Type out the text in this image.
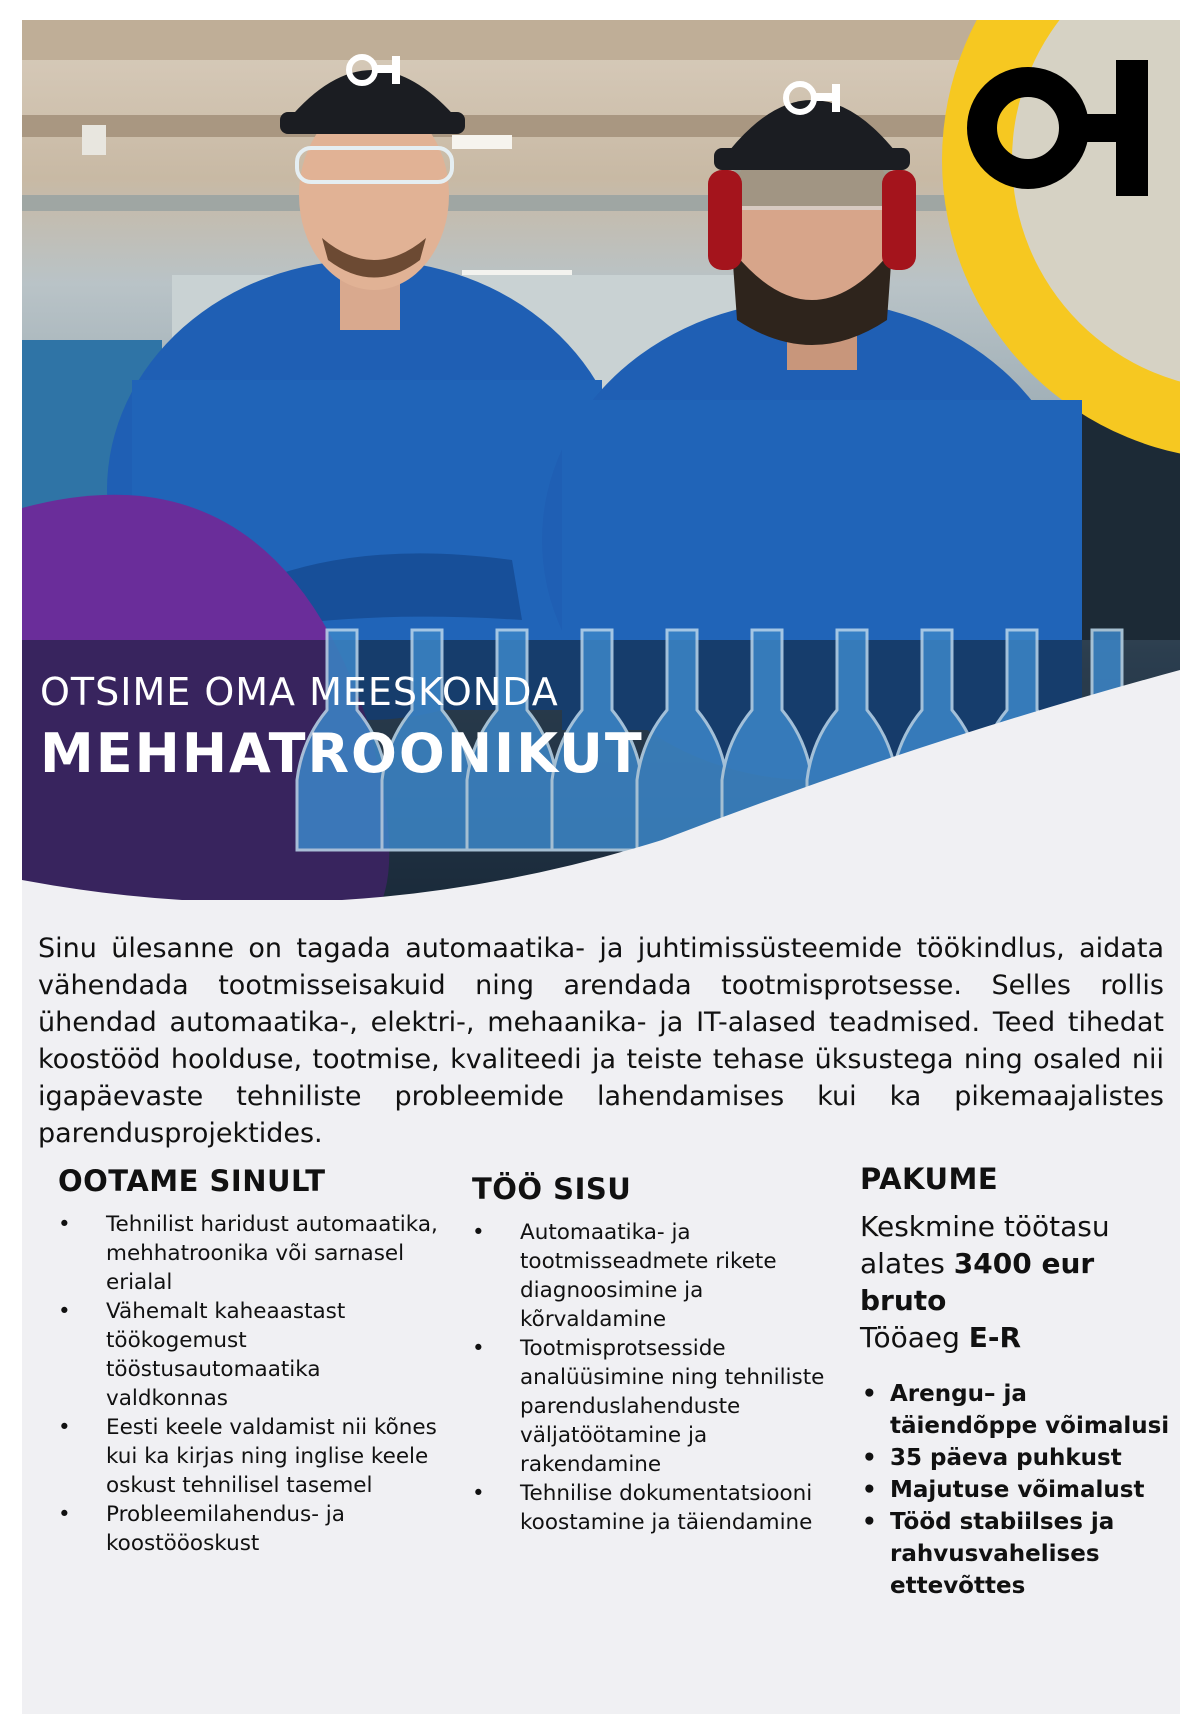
OTSIME OMA MEESKONDA
MEHHATROONIKUT
Sinu ülesanne on tagada automaatika- ja juhtimissüsteemide töökindlus, aidata vähendada tootmisseisakuid ning arendada tootmisprotsesse. Selles rollis ühendad automaatika-, elektri-, mehaanika- ja IT-alased teadmised. Teed tihedat koostööd hoolduse, tootmise, kvaliteedi ja teiste tehase üksustega ning osaled nii igapäevaste tehniliste probleemide lahendamises kui ka pikemaajalistes parendusprojektides.
OOTAME SINULT
• Tehnilist haridust automaatika, mehhatroonika või sarnasel erialal
• Vähemalt kaheaastast töökogemust tööstusautomaatika valdkonnas
• Eesti keele valdamist nii kõnes kui ka kirjas ning inglise keele oskust tehnilisel tasemel
• Probleemilahendus- ja koostööoskust
TÖÖ SISU
• Automaatika- ja tootmisseadmete rikete diagnoosimine ja kõrvaldamine
• Tootmisprotsesside analüüsimine ning tehniliste parenduslahenduste väljatöötamine ja rakendamine
• Tehnilise dokumentatsiooni koostamine ja täiendamine
PAKUME
Keskmine töötasu alates 3400 eur bruto
Tööaeg E-R
• Arengu– ja täiendõppe võimalusi
• 35 päeva puhkust
• Majutuse võimalust
• Tööd stabiilses ja rahvusvahelises ettevõttes
